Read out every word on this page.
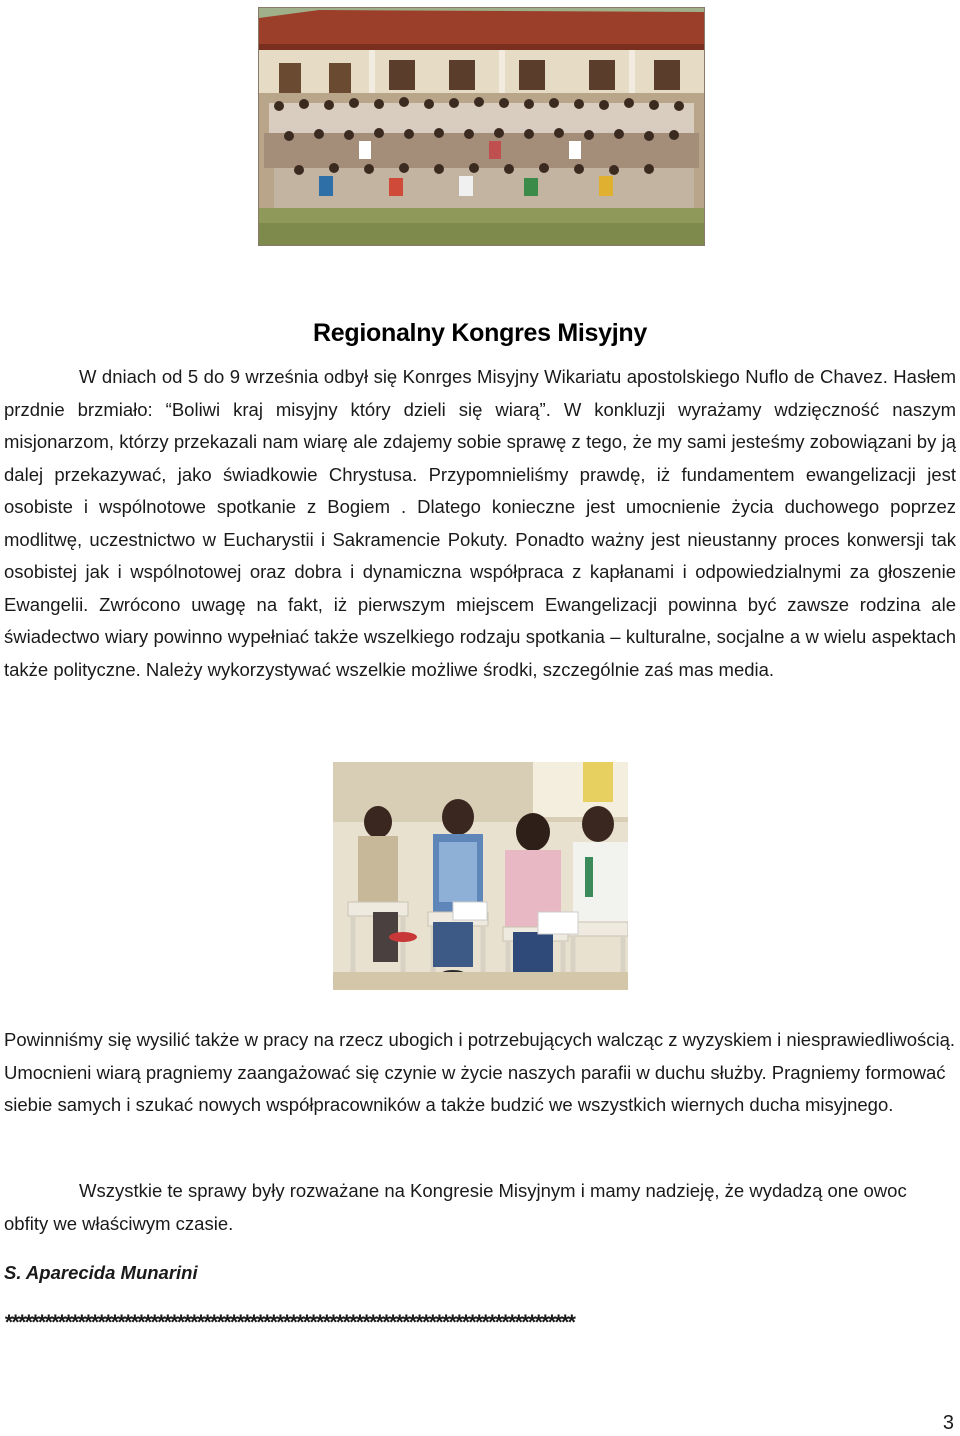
Regionalny Kongres Misyjny

W dniach od 5 do 9 września odbył się Konrges Misyjny Wikariatu apostolskiego Nuflo de Chavez. Hasłem przdnie brzmiało: “Boliwi kraj misyjny który dzieli się wiarą”. W konkluzji wyrażamy wdzięczność naszym misjonarzom, którzy przekazali nam wiarę ale zdajemy sobie sprawę z tego, że my sami jesteśmy zobowiązani by ją dalej przekazywać, jako świadkowie Chrystusa. Przypomnieliśmy prawdę, iż fundamentem ewangelizacji jest osobiste i wspólnotowe spotkanie z Bogiem . Dlatego konieczne jest umocnienie życia duchowego poprzez modlitwę, uczestnictwo w Eucharystii i Sakramencie Pokuty. Ponadto ważny jest nieustanny proces konwersji tak osobistej jak i wspólnotowej oraz dobra i dynamiczna współpraca z kapłanami i odpowiedzialnymi za głoszenie Ewangelii. Zwrócono uwagę na fakt, iż pierwszym miejscem Ewangelizacji powinna być zawsze rodzina ale świadectwo wiary powinno wypełniać także wszelkiego rodzaju spotkania – kulturalne, socjalne a w wielu aspektach także polityczne. Należy wykorzystywać wszelkie możliwe środki, szczególnie zaś mas media.

Powinniśmy się wysilić także w pracy na rzecz ubogich i potrzebujących walcząc z wyzyskiem i niesprawiedliwością. Umocnieni wiarą pragniemy zaangażować się czynie w życie naszych parafii w duchu służby. Pragniemy formować siebie samych i szukać nowych współpracowników a także budzić we wszystkich wiernych ducha misyjnego.

Wszystkie te sprawy były rozważane na Kongresie Misyjnym i mamy nadzieję, że wydadzą one owoc obfity we właściwym czasie.

S. Aparecida Munarini

**************************************************************************************

3
